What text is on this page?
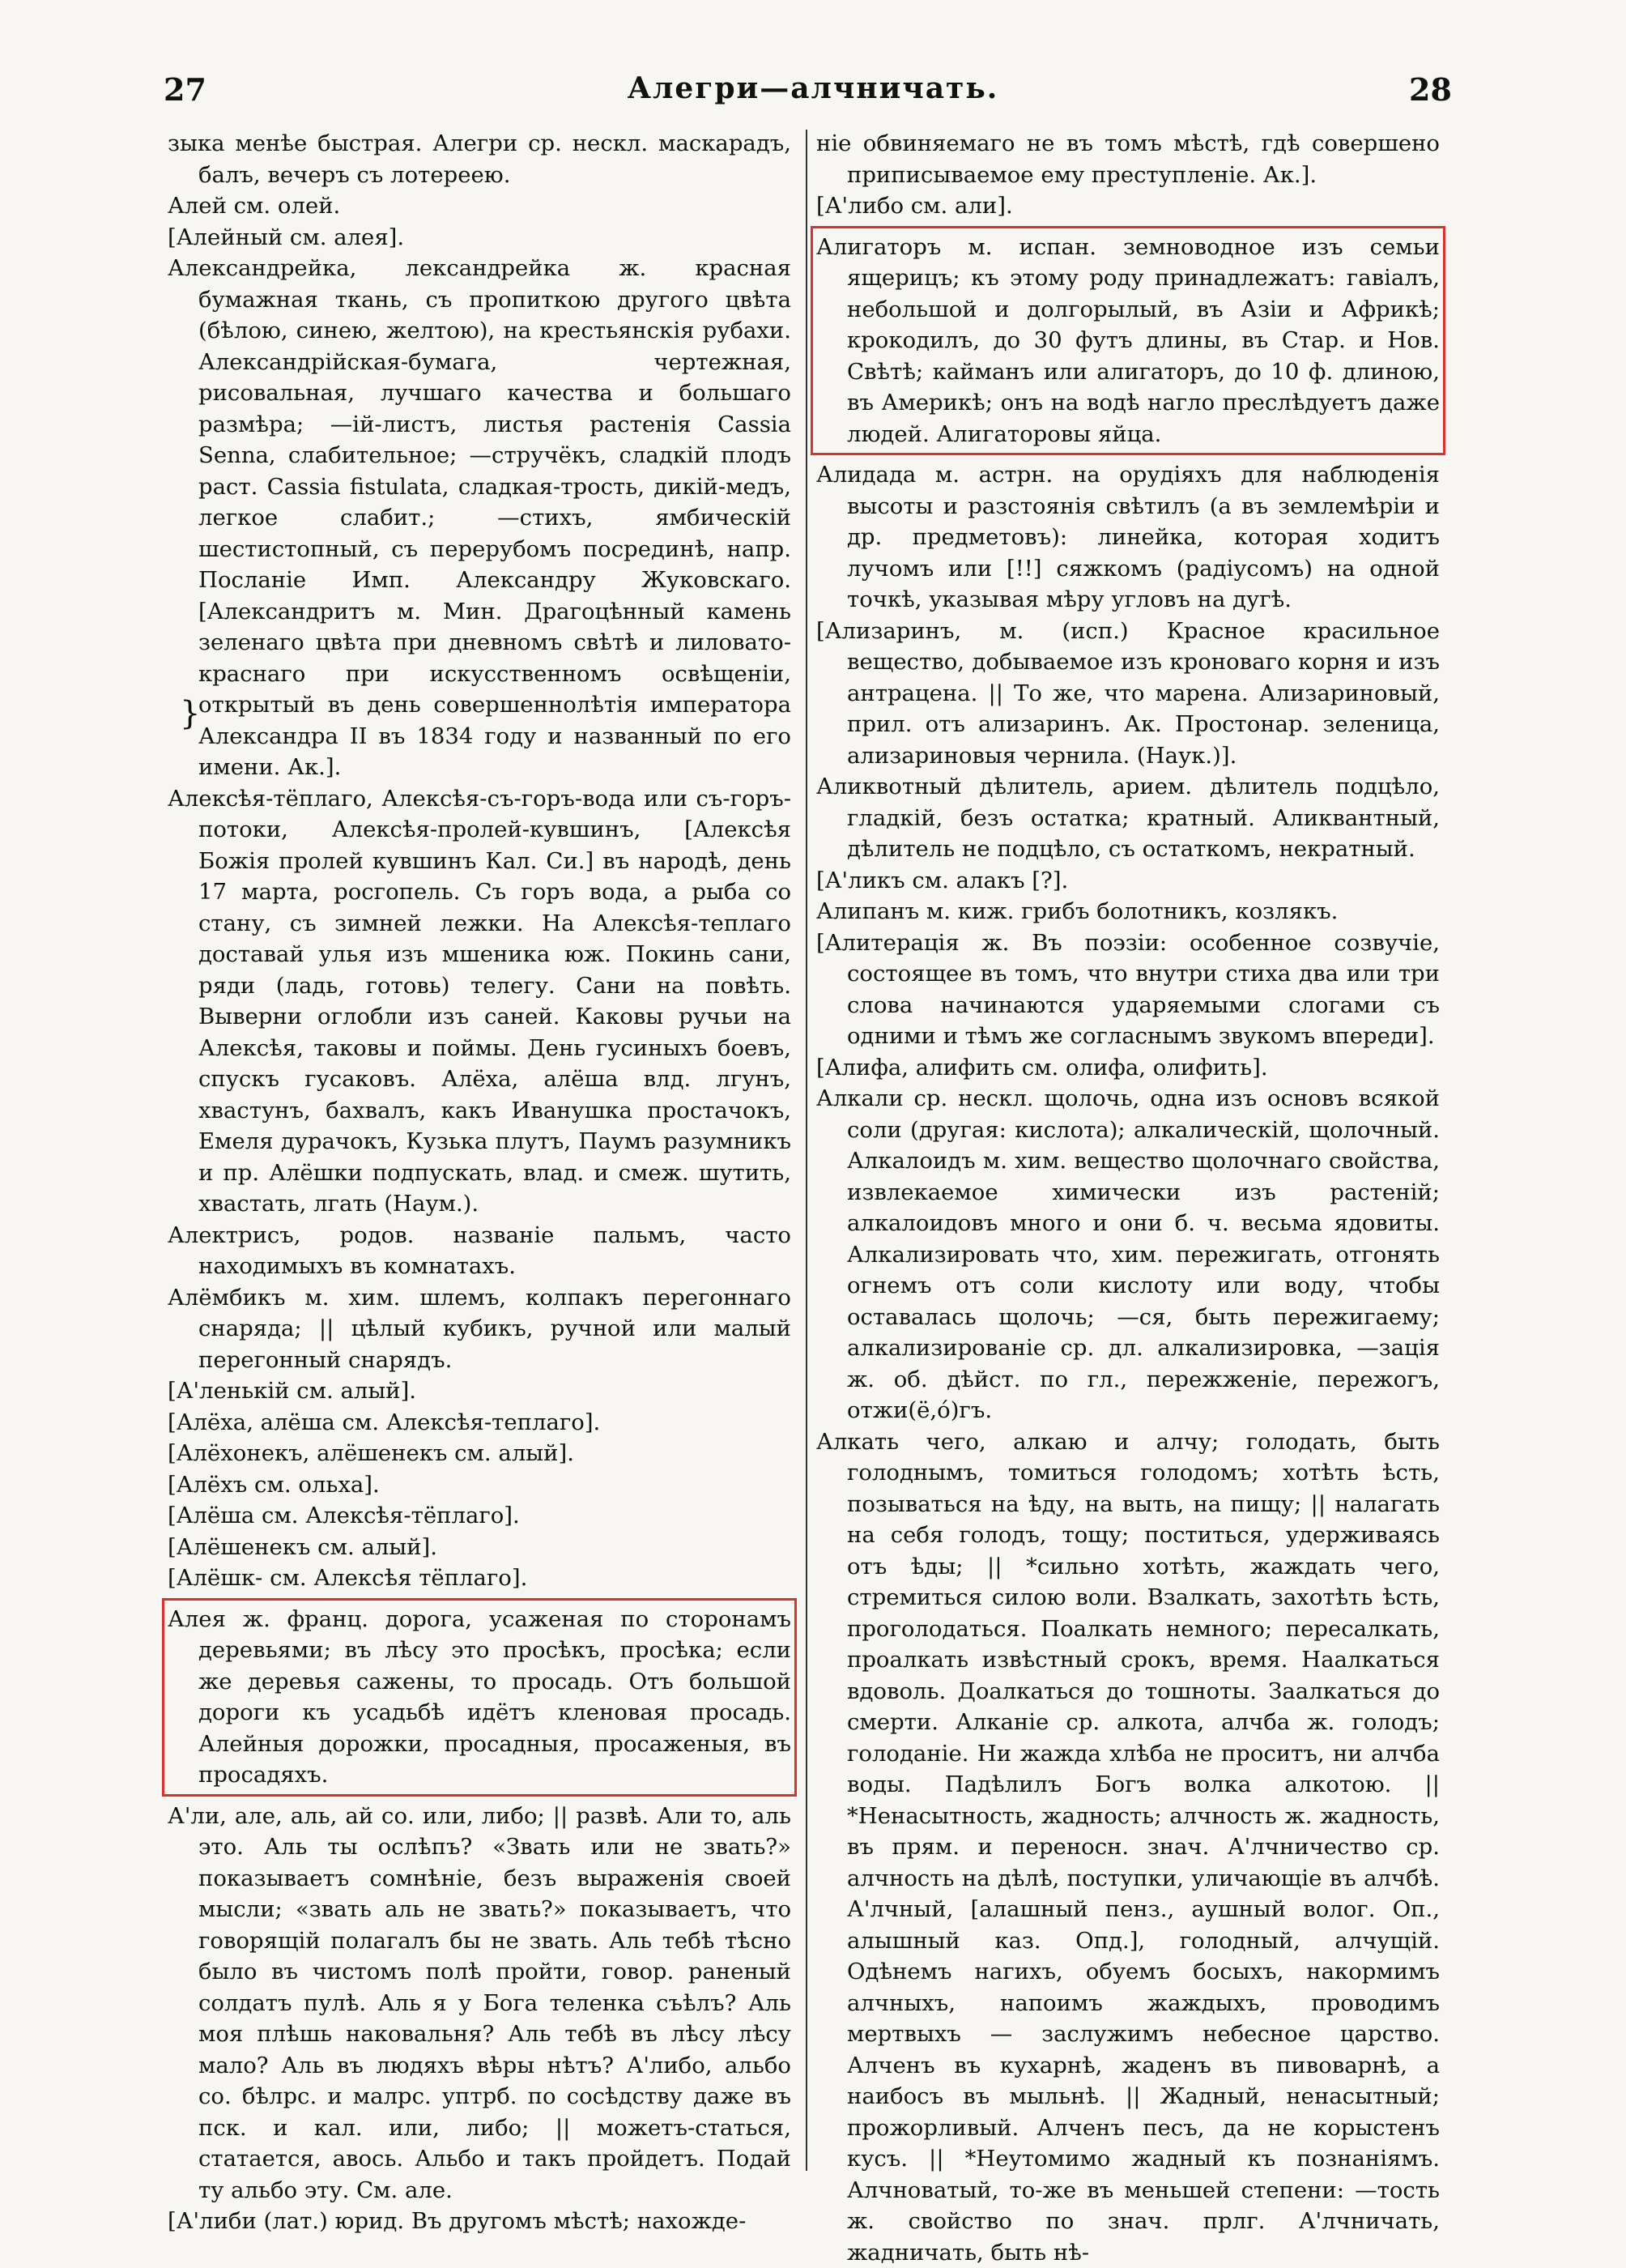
27	Алегри—алчничать.	28
}

зыка менѣе быстрая. Алегри ср. нескл. маскарадъ, балъ, вечеръ съ лотереею.

Алей см. олей.

[Алейный см. алея].

Александрейка, лександрейка ж. красная бумажная ткань, съ пропиткою другого цвѣта (бѣлою, синею, желтою), на крестьянскія рубахи. Александрійская-бумага, чертежная, рисовальная, лучшаго качества и большаго размѣра; —ій-листъ, листья растенія Cassia Senna, слабительное; —стручёкъ, сладкій плодъ раст. Cassia fistulata, сладкая-трость, дикій-медъ, легкое слабит.; —стихъ, ямбическій шестистопный, съ перерубомъ посрединѣ, напр. Посланіе Имп. Александру Жуковскаго. [Александритъ м. Мин. Драгоцѣнный камень зеленаго цвѣта при дневномъ свѣтѣ и лиловато-краснаго при искусственномъ освѣщеніи, открытый въ день совершеннолѣтія императора Александра II въ 1834 году и названный по его имени. Ак.].

Алексѣя-тёплаго, Алексѣя-съ-горъ-вода или съ-горъ-потоки, Алексѣя-пролей-кувшинъ, [Алексѣя Божія пролей кувшинъ Кал. Си.] въ народѣ, день 17 марта, росгопель. Съ горъ вода, а рыба со стану, съ зимней лежки. На Алексѣя-теплаго доставай улья изъ мшеника юж. Покинь сани, ряди (ладь, готовь) телегу. Сани на повѣть. Выверни оглобли изъ саней. Каковы ручьи на Алексѣя, таковы и поймы. День гусиныхъ боевъ, спускъ гусаковъ. Алёха, алёша влд. лгунъ, хвастунъ, бахвалъ, какъ Иванушка простачокъ, Емеля дурачокъ, Кузька плутъ, Паумъ разумникъ и пр. Алёшки подпускать, влад. и смеж. шутить, хвастать, лгать (Наум.).

Алектрисъ, родов. названіе пальмъ, часто находимыхъ въ комнатахъ.

Алёмбикъ м. хим. шлемъ, колпакъ перегоннаго снаряда; || цѣлый кубикъ, ручной или малый перегонный снарядъ.

[А'ленькій см. алый].

[Алёха, алёша см. Алексѣя-теплаго].

[Алёхонекъ, алёшенекъ см. алый].

[Алёхъ см. ольха].

[Алёша см. Алексѣя-тёплаго].

[Алёшенекъ см. алый].

[Алёшк- см. Алексѣя тёплаго].

Алея ж. франц. дорога, усаженая по сторонамъ деревьями; въ лѣсу это просѣкъ, просѣка; если же деревья сажены, то просадь. Отъ большой дороги къ усадьбѣ идётъ кленовая просадь. Алейныя дорожки, просадныя, просаженыя, въ просадяхъ.

А'ли, але, аль, ай со. или, либо; || развѣ. Али то, аль это. Аль ты ослѣпъ? «Звать или не звать?» показываетъ сомнѣніе, безъ выраженія своей мысли; «звать аль не звать?» показываетъ, что говорящій полагалъ бы не звать. Аль тебѣ тѣсно было въ чистомъ полѣ пройти, говор. раненый солдатъ пулѣ. Аль я у Бога теленка съѣлъ? Аль моя плѣшь наковальня? Аль тебѣ въ лѣсу лѣсу мало? Аль въ людяхъ вѣры нѣтъ? А'либо, альбо со. бѣлрс. и малрс. уптрб. по сосѣдству даже въ пск. и кал. или, либо; || можетъ-статься, статается, авось. Альбо и такъ пройдетъ. Подай ту альбо эту. См. але.

[А'либи (лат.) юрид. Въ другомъ мѣстѣ; нахожде-

ніе обвиняемаго не въ томъ мѣстѣ, гдѣ совершено приписываемое ему преступленіе. Ак.].

[А'либо см. али].

Алигаторъ м. испан. земноводное изъ семьи ящерицъ; къ этому роду принадлежатъ: гавіалъ, небольшой и долгорылый, въ Азіи и Африкѣ; крокодилъ, до 30 футъ длины, въ Стар. и Нов. Свѣтѣ; кайманъ или алигаторъ, до 10 ф. длиною, въ Америкѣ; онъ на водѣ нагло преслѣдуетъ даже людей. Алигаторовы яйца.

Алидада м. астрн. на орудіяхъ для наблюденія высоты и разстоянія свѣтилъ (а въ землемѣріи и др. предметовъ): линейка, которая ходитъ лучомъ или [!!] сяжкомъ (радіусомъ) на одной точкѣ, указывая мѣру угловъ на дугѣ.

[Ализаринъ, м. (исп.) Красное красильное вещество, добываемое изъ кроноваго корня и изъ антрацена. || То же, что марена. Ализариновый, прил. отъ ализаринъ. Ак. Простонар. зеленица, ализариновыя чернила. (Наук.)].

Аликвотный дѣлитель, арием. дѣлитель подцѣло, гладкій, безъ остатка; кратный. Аликвантный, дѣлитель не подцѣло, съ остаткомъ, некратный.

[А'ликъ см. алакъ [?].

Алипанъ м. киж. грибъ болотникъ, козлякъ.

[Алитерація ж. Въ поэзіи: особенное созвучіе, состоящее въ томъ, что внутри стиха два или три слова начинаются ударяемыми слогами съ одними и тѣмъ же согласнымъ звукомъ впереди].

[Алифа, алифить см. олифа, олифить].

Алкали ср. нескл. щолочь, одна изъ основъ всякой соли (другая: кислота); алкалическій, щолочный. Алкалоидъ м. хим. вещество щолочнаго свойства, извлекаемое химически изъ растеній; алкалоидовъ много и они б. ч. весьма ядовиты. Алкализировать что, хим. пережигать, отгонять огнемъ отъ соли кислоту или воду, чтобы оставалась щолочь; —ся, быть пережигаему; алкализированіе ср. дл. алкализировка, —зація ж. об. дѣйст. по гл., пережженіе, пережогъ, отжи(ё,ó)гъ.

Алкать чего, алкаю и алчу; голодать, быть голоднымъ, томиться голодомъ; хотѣть ѣсть, позываться на ѣду, на выть, на пищу; || налагать на себя голодъ, тощу; поститься, удерживаясь отъ ѣды; || *сильно хотѣть, жаждать чего, стремиться силою воли. Взалкать, захотѣть ѣсть, проголодаться. Поалкать немного; пересалкать, проалкать извѣстный срокъ, время. Наалкаться вдоволь. Доалкаться до тошноты. Заалкаться до смерти. Алканіе ср. алкота, алчба ж. голодъ; голоданіе. Ни жажда хлѣба не проситъ, ни алчба воды. Падѣлилъ Богъ волка алкотою. || *Ненасытность, жадность; алчность ж. жадность, въ прям. и переносн. знач. А'лчничество ср. алчность на дѣлѣ, поступки, уличающіе въ алчбѣ. А'лчный, [алашный пенз., аушный волог. Оп., алышный каз. Опд.], голодный, алчущій. Одѣнемъ нагихъ, обуемъ босыхъ, накормимъ алчныхъ, напоимъ жаждыхъ, проводимъ мертвыхъ — заслужимъ небесное царство. Алченъ въ кухарнѣ, жаденъ въ пивоварнѣ, а наибосъ въ мыльнѣ. || Жадный, ненасытный; прожорливый. Алченъ песъ, да не корыстенъ кусъ. || *Неутомимо жадный къ познаніямъ. Алчноватый, то-же въ меньшей степени: —тость ж. свойство по знач. прлг. А'лчничать, жадничать, быть нѣ-
